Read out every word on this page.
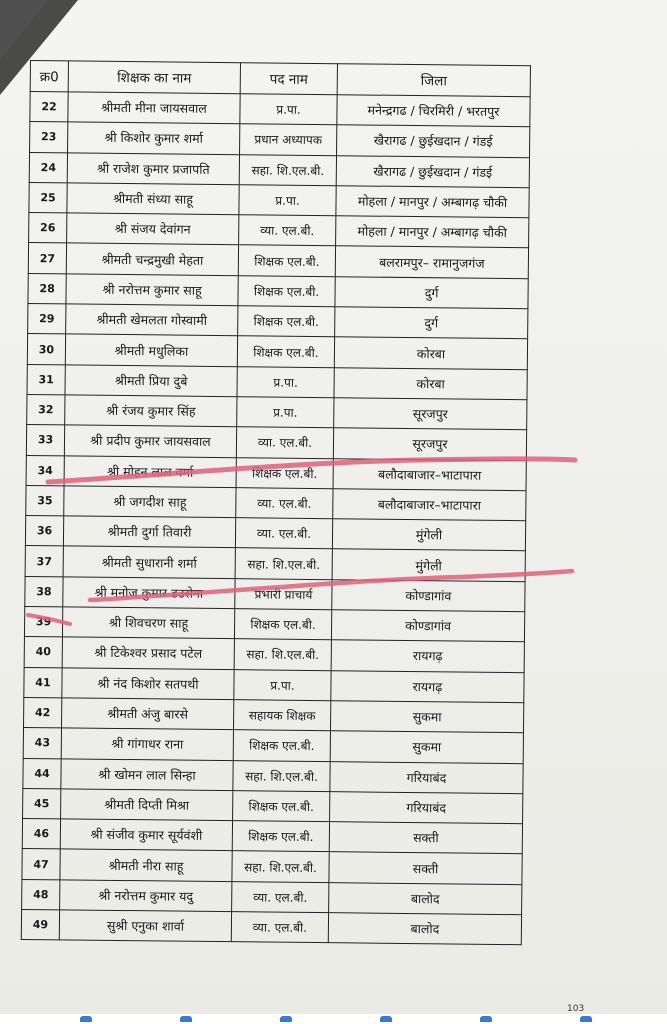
क्र0	शिक्षक का नाम	पद नाम	जिला
22	श्रीमती मीना जायसवाल	प्र.पा.	मनेन्द्रगढ / चिरमिरी / भरतपुर
23	श्री किशोर कुमार शर्मा	प्रधान अध्यापक	खैरागढ / छुईखदान / गंडई
24	श्री राजेश कुमार प्रजापति	सहा. शि.एल.बी.	खैरागढ / छुईखदान / गंडई
25	श्रीमती संध्या साहू	प्र.पा.	मोहला / मानपुर / अम्बागढ़ चौकी
26	श्री संजय देवांगन	व्या. एल.बी.	मोहला / मानपुर / अम्बागढ़ चौकी
27	श्रीमती चन्द्रमुखी मेहता	शिक्षक एल.बी.	बलरामपुर– रामानुजगंज
28	श्री नरोत्तम कुमार साहू	शिक्षक एल.बी.	दुर्ग
29	श्रीमती खेमलता गोस्वामी	शिक्षक एल.बी.	दुर्ग
30	श्रीमती मधुलिका	शिक्षक एल.बी.	कोरबा
31	श्रीमती प्रिया दुबे	प्र.पा.	कोरबा
32	श्री रंजय कुमार सिंह	प्र.पा.	सूरजपुर
33	श्री प्रदीप कुमार जायसवाल	व्या. एल.बी.	सूरजपुर
34	श्री मोहन लाल वर्मा	शिक्षक एल.बी.	बलौदाबाजार–भाटापारा
35	श्री जगदीश साहू	व्या. एल.बी.	बलौदाबाजार–भाटापारा
36	श्रीमती दुर्गा तिवारी	व्या. एल.बी.	मुंगेली
37	श्रीमती सुधारानी शर्मा	सहा. शि.एल.बी.	मुंगेली
38	श्री मनोज कुमार डउसेना	प्रभारी प्राचार्य	कोण्डागांव
39	श्री शिवचरण साहू	शिक्षक एल.बी.	कोण्डागांव
40	श्री टिकेश्वर प्रसाद पटेल	सहा. शि.एल.बी.	रायगढ़
41	श्री नंद किशोर सतपथी	प्र.पा.	रायगढ़
42	श्रीमती अंजु बारसे	सहायक शिक्षक	सुकमा
43	श्री गांगाधर राना	शिक्षक एल.बी.	सुकमा
44	श्री खोमन लाल सिन्हा	सहा. शि.एल.बी.	गरियाबंद
45	श्रीमती दिप्ती मिश्रा	शिक्षक एल.बी.	गरियाबंद
46	श्री संजीव कुमार सूर्यवंशी	शिक्षक एल.बी.	सक्ती
47	श्रीमती नीरा साहू	सहा. शि.एल.बी.	सक्ती
48	श्री नरोत्तम कुमार यदु	व्या. एल.बी.	बालोद
49	सुश्री एनुका शार्वा	व्या. एल.बी.	बालोद
103
